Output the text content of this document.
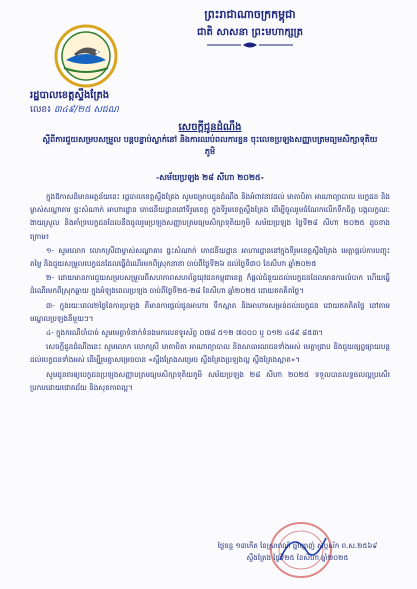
ព្រះរាជាណាចក្រកម្ពុជា
ជាតិ សាសនា ព្រះមហាក្សត្រ
រដ្ឋបាលខេត្តស្ទឹងត្រែង
លេខ៖ ៣៤៩/២៥ សជណ
សេចក្តីជូនដំណឹង
ស្តីពីការជួយសម្របសម្រួល បន្តបន្ទាប់ស្លាក់នៅ និងការឈប់ពលការខ្ជន ចុះលេខប្រឡងសញ្ញាបត្រមធ្យមសិក្សាទុតិយភូមិ
-សម័យប្រឡង ២៨ សីហា ២០២៥-

ក្នុងឱកាសដ៏មានអត្ថន័យនេះ រដ្ឋបាលខេត្តស្ទឹងត្រែង សូមជម្រាបជូនដំណឹង និងអំពាវនាវដល់ មាតាបិតា អាណាព្យាបាល បេក្ខជន និងម្ចាស់សណ្ឋាគារ ផ្ទះសំណាក់ អាហារដ្ឋាន ភោជនីយដ្ឋាននៅទីរួមខេត្ត ក្នុងទីរួមខេត្តស្ទឹងត្រែង ដើម្បីចូលរួមចំណែកលើកទឹកចិត្ត បង្កលក្ខណៈងាយស្រួល និងគាំទ្របេក្ខជនដែលនឹងចូលរួមប្រឡងសញ្ញាបត្រមធ្យមសិក្សាទុតិយភូមិ សម័យប្រឡង ថ្ងៃទី២៨ សីហា ២០២៥ ដូចខាងក្រោម៖

១- សូមលោក លោកស្រីជាម្ចាស់សណ្ឋាគារ ផ្ទះសំណាក់ ភោជនីយដ្ឋាន អាហារដ្ឋាននៅក្នុងទីរួមខេត្តស្ទឹងត្រែង មេត្តាផ្តល់ការបញ្ចុះតម្លៃ និងជួយសម្រួលបេក្ខជនដែលធ្វើដំណើរមកពីស្រុកនានា ចាប់ពីថ្ងៃទី២៦ ដល់ថ្ងៃទី៣០ ខែសីហា ឆ្នាំ២០២៥

២- ដោយមានការជួយសម្របសម្រួលពីសហភាពសហព័ន្ធយុវជនកម្ពុជាខេត្ត ក៏ផ្តល់ជំនួយដល់បេក្ខជនដែលមានការលំបាក ហើយធ្វើដំណើរមកពីស្រុកឆ្ងាយ ក្នុងអំឡុងពេលប្រឡង ចាប់ពីថ្ងៃទី២៥-២៨ ខែសីហា ឆ្នាំ២០២៥ ដោយឥតគិតថ្លៃ។

៣- ក្នុងរយៈពេល២ថ្ងៃនៃការប្រឡង គឺមានការផ្តល់ជូនអាហារ ទឹកស្អាត និងអាហារសម្រន់ដល់បេក្ខជន ដោយឥតគិតថ្លៃ នៅតាមមណ្ឌលប្រឡងនីមួយៗ។

៤- ក្នុងករណីចាំបាច់ សូមមេត្តាទំនាក់ទំនងមកលេខទូរស័ព្ទ ០៧៨ ៥១២ ៧០០០ ឬ ០១២ ៤៨៩ ៨៥៣។

សេចក្តីជូនដំណឹងនេះ សូមលោក លោកស្រី មាតាបិតា អាណាព្យាបាល និងសាធារណជនទាំងអស់ មេត្តាជ្រាប និងជួយផ្សព្វផ្សាយបន្តដល់បេក្ខជនទាំងអស់ ដើម្បីរួមគ្នាសម្រេចបាន «ស្ទឹងត្រែងសម្រេច ស្ទឹងត្រែងប្រឡងល្អ ស្ទឹងត្រែងស្អាត»។

សូមជូនពរឲ្យបេក្ខជនប្រឡងសញ្ញាបត្រមធ្យមសិក្សាទុតិយភូមិ សម័យប្រឡង ២៨ សីហា ២០២៥ ទទួលបានលទ្ធផលល្អប្រសើរ ប្រកបដោយជោគជ័យ និងសុខភាពល្អ។

ថ្ងៃចន្ទ ១៣កើត ខែស្រាពណ៍ ឆ្នាំម្សាញ់ សប្តស័ក ព.ស.២៥៦៩
ស្ទឹងត្រែង ថ្ងៃទី២៥ ខែសីហា ឆ្នាំ២០២៥
